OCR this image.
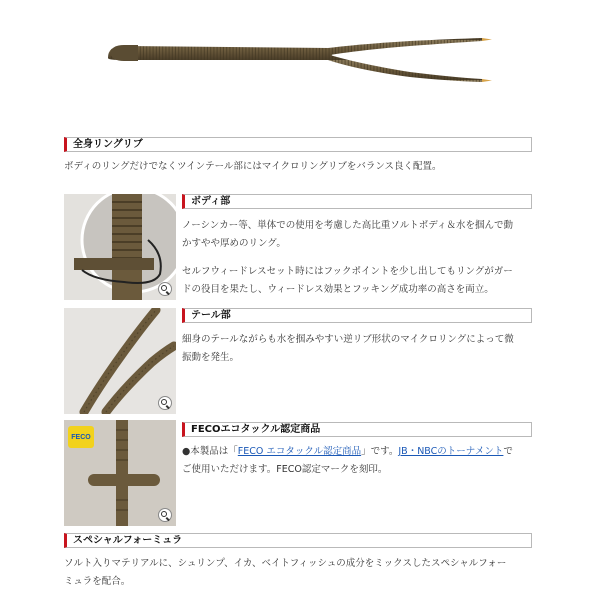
全身リングリブ
ボディのリングだけでなくツインテール部にはマイクロリングリブをバランス良く配置。
ボディ部
ノーシンカー等、単体での使用を考慮した高比重ソルトボディ＆水を掴んで動
かすやや厚めのリング。
セルフウィードレスセット時にはフックポイントを少し出してもリングがガー
ドの役目を果たし、ウィードレス効果とフッキング成功率の高さを両立。
テール部
細身のテールながらも水を掴みやすい逆リブ形状のマイクロリングによって微
振動を発生。
FECO
FECOエコタックル認定商品
●本製品は「FECO エコタックル認定商品」です。JB・NBCのトーナメントで
ご使用いただけます。FECO認定マークを刻印。
スペシャルフォーミュラ
ソルト入りマテリアルに、シュリンプ、イカ、ベイトフィッシュの成分をミックスしたスペシャルフォー
ミュラを配合。
